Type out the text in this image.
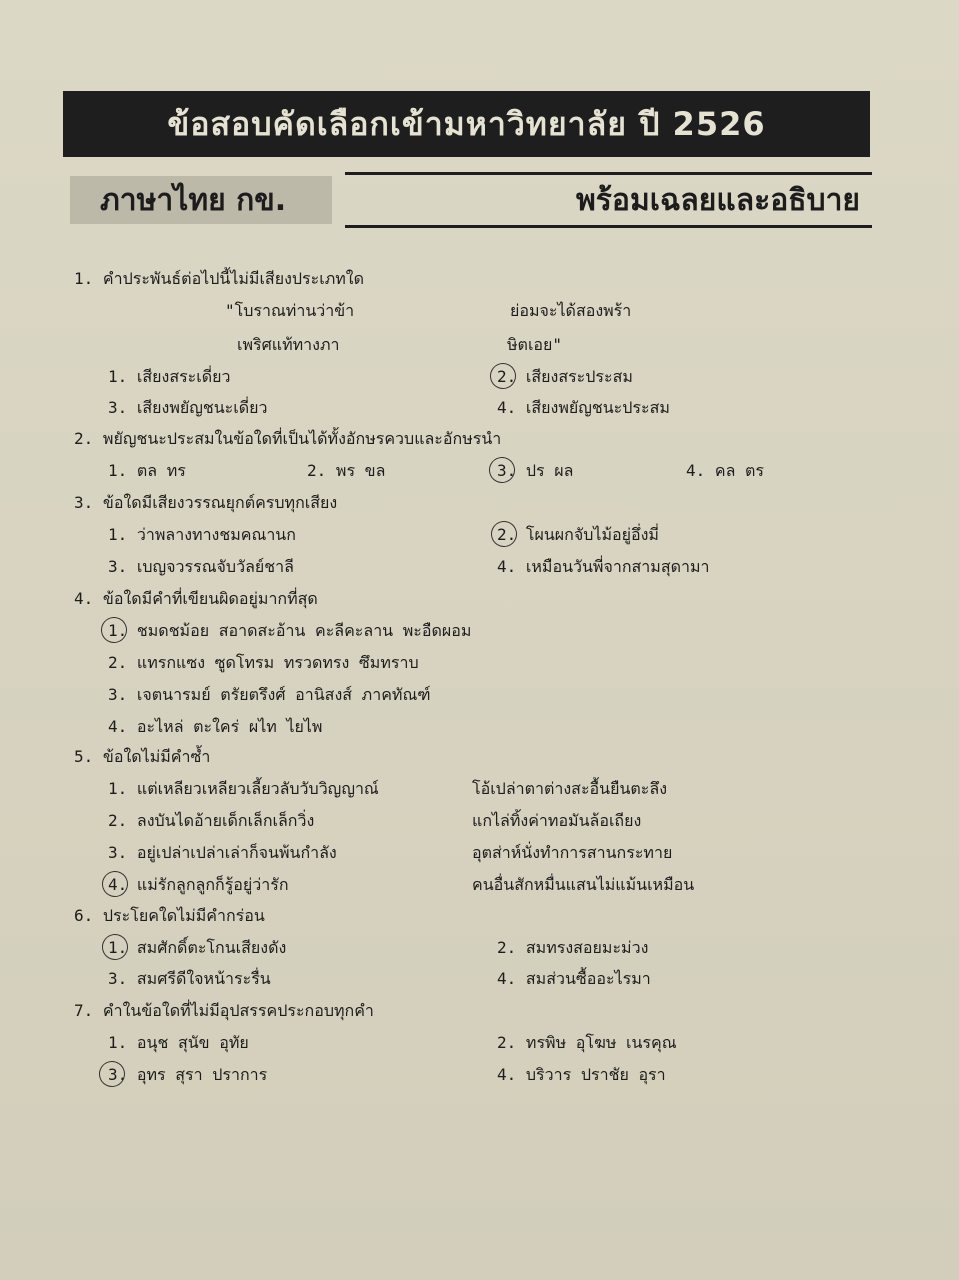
ข้อสอบคัดเลือกเข้ามหาวิทยาลัย ปี 2526
ภาษาไทย กข.	พร้อมเฉลยและอธิบาย
1. คำประพันธ์ต่อไปนี้ไม่มีเสียงประเภทใด
"โบราณท่านว่าข้า	ย่อมจะได้สองพร้า
เพริศแท้ทางภา	ษิตเอย"
1. เสียงสระเดี่ยว	2. เสียงสระประสม
3. เสียงพยัญชนะเดี่ยว	4. เสียงพยัญชนะประสม
2. พยัญชนะประสมในข้อใดที่เป็นได้ทั้งอักษรควบและอักษรนำ
1. ตล ทร	2. พร ขล	3. ปร ผล	4. คล ตร
3. ข้อใดมีเสียงวรรณยุกต์ครบทุกเสียง
1. ว่าพลางทางชมคณานก	2. โผนผกจับไม้อยู่อึ่งมี่
3. เบญจวรรณจับวัลย์ชาลี	4. เหมือนวันพี่จากสามสุดามา
4. ข้อใดมีคำที่เขียนผิดอยู่มากที่สุด
1. ชมดชม้อย สอาดสะอ้าน คะลีคะลาน พะอืดผอม
2. แทรกแซง ซูดโทรม ทรวดทรง ซึมทราบ
3. เจตนารมย์ ตรัยตรึงศ์ อานิสงส์ ภาคทัณฑ์
4. อะไหล่ ตะใคร่ ผไท ไยไพ
5. ข้อใดไม่มีคำซ้ำ
1. แต่เหลียวเหลียวเลี้ยวลับวับวิญญาณ์	โอ้เปล่าตาต่างสะอื้นยืนตะลึง
2. ลงบันไดอ้ายเด็กเล็กเล็กวิ่ง	แกไล่ทิ้งค่าทอมันล้อเถียง
3. อยู่เปล่าเปล่าเล่าก็จนพ้นกำลัง	อุตส่าห์นั่งทำการสานกระทาย
4. แม่รักลูกลูกก็รู้อยู่ว่ารัก	คนอื่นสักหมื่นแสนไม่แม้นเหมือน
6. ประโยคใดไม่มีคำกร่อน
1. สมศักดิ์ตะโกนเสียงดัง	2. สมทรงสอยมะม่วง
3. สมศรีดีใจหน้าระรื่น	4. สมส่วนซื้ออะไรมา
7. คำในข้อใดที่ไม่มีอุปสรรคประกอบทุกคำ
1. อนุช สุนัข อุทัย	2. ทรพิษ อุโฆษ เนรคุณ
3. อุทร สุรา ปราการ	4. บริวาร ปราชัย อุรา
